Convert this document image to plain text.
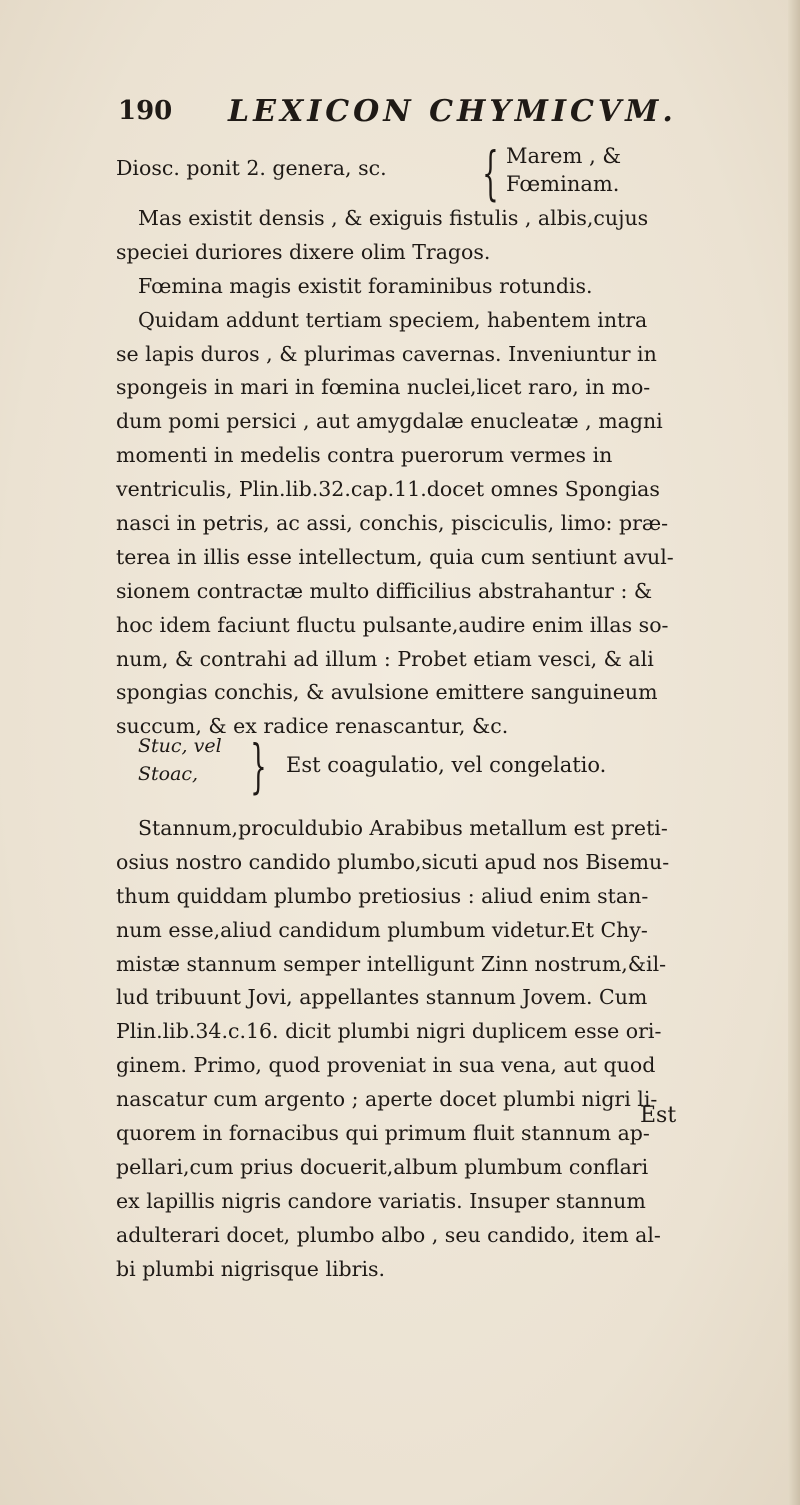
190 LEXICON CHYMICVM.
Diosc. ponit 2. genera, sc. { Marem , &
Fœminam.
Mas existit densis , & exiguis fistulis , albis,cujus
speciei duriores dixere olim Tragos.
Fœmina magis existit foraminibus rotundis.
Quidam addunt tertiam speciem, habentem intra
se lapis duros , & plurimas cavernas. Inveniuntur in
spongeis in mari in fœmina nuclei,licet raro, in mo-
dum pomi persici , aut amygdalæ enucleatæ , magni
momenti in medelis contra puerorum vermes in
ventriculis, Plin.lib.32.cap.11.docet omnes Spongias
nasci in petris, ac assi, conchis, pisciculis, limo: præ-
terea in illis esse intellectum, quia cum sentiunt avul-
sionem contractæ multo difficilius abstrahantur : &
hoc idem faciunt fluctu pulsante,audire enim illas so-
num, & contrahi ad illum : Probet etiam vesci, & ali
spongias conchis, & avulsione emittere sanguineum
succum, & ex radice renascantur, &c.
Stuc, vel
Stoac, } Est coagulatio, vel congelatio.
Stannum,proculdubio Arabibus metallum est preti-
osius nostro candido plumbo,sicuti apud nos Bisemu-
thum quiddam plumbo pretiosius : aliud enim stan-
num esse,aliud candidum plumbum videtur.Et Chy-
mistæ stannum semper intelligunt Zinn nostrum,&il-
lud tribuunt Jovi, appellantes stannum Jovem. Cum
Plin.lib.34.c.16. dicit plumbi nigri duplicem esse ori-
ginem. Primo, quod proveniat in sua vena, aut quod
nascatur cum argento ; aperte docet plumbi nigri li-
quorem in fornacibus qui primum fluit stannum ap-
pellari,cum prius docuerit,album plumbum conflari
ex lapillis nigris candore variatis. Insuper stannum
adulterari docet, plumbo albo , seu candido, item al-
bi plumbi nigrisque libris.
Est
